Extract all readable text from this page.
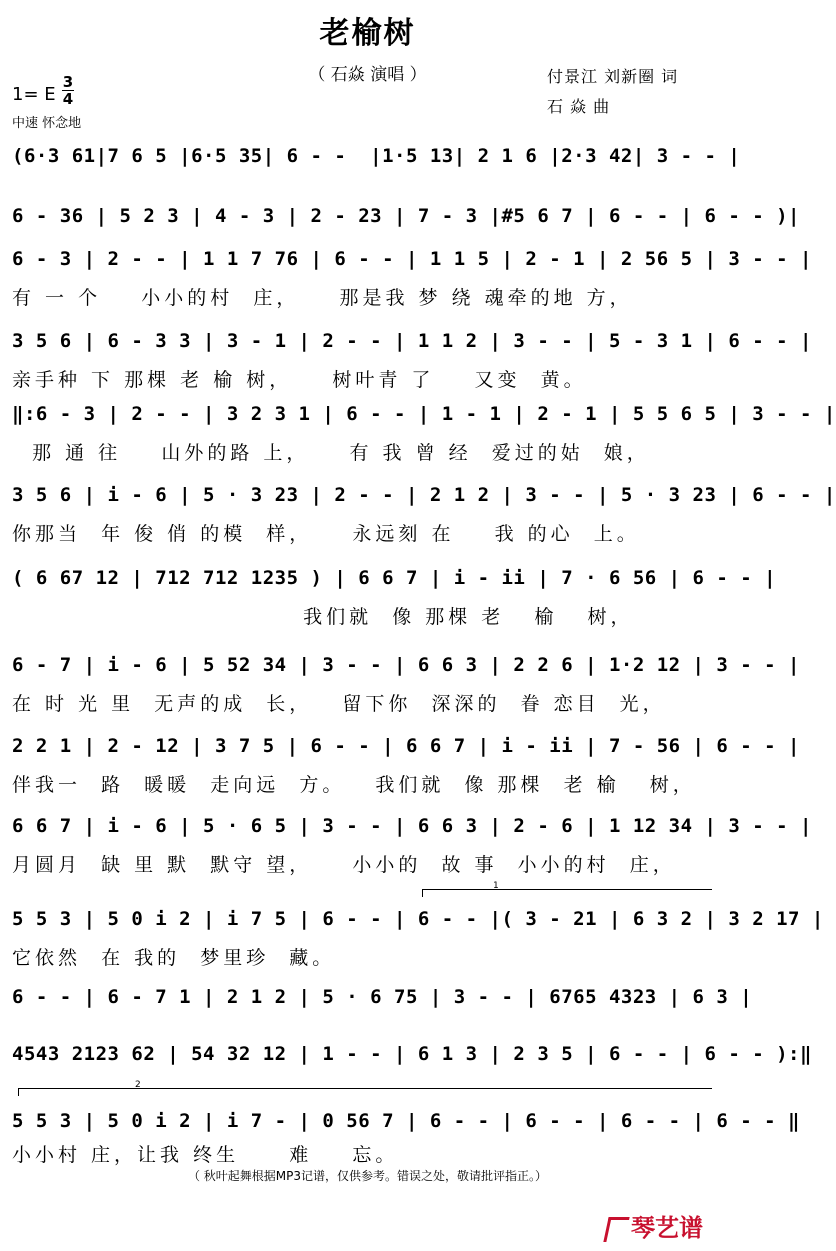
老榆树
（ 石焱 演唱 ）	付景江 刘新圈 词
石 焱 曲
1= E
3
4
中速 怀念地
(6·3 61|7 6 5 |6·5 35| 6 - -  |1·5 13| 2 1 6 |2·3 42| 3 - - |
6 - 36 | 5 2 3 | 4 - 3 | 2 - 23 | 7 - 3 |#5 6 7 | 6 - - | 6 - - )|
6 - 3 | 2 - - | 1 1 7 76 | 6 - - | 1 1 5 | 2 - 1 | 2 56 5 | 3 - - |
有 一 个    小小的村  庄，    那是我 梦 绕 魂牵的地 方，
3 5 6 | 6 - 3 3 | 3 - 1 | 2 - - | 1 1 2 | 3 - - | 5 - 3 1 | 6 - - |
亲手种 下 那棵 老 榆 树，    树叶青 了    又变  黄。
‖:6 - 3 | 2 - - | 3 2 3 1 | 6 - - | 1 - 1 | 2 - 1 | 5 5 6 5 | 3 - - |
那 通 往    山外的路 上，    有 我 曾 经  爱过的姑  娘，
3 5 6 | i - 6 | 5 · 3 23 | 2 - - | 2 1 2 | 3 - - | 5 · 3 23 | 6 - - |
你那当  年 俊 俏 的模  样，    永远刻 在    我 的心  上。
( 6 67 12 | 712 712 1235 ) | 6 6 7 | i - ii | 7 · 6 56 | 6 - - |
我们就  像 那棵 老   榆   树，
6 - 7 | i - 6 | 5 52 34 | 3 - - | 6 6 3 | 2 2 6 | 1·2 12 | 3 - - |
在 时 光 里  无声的成  长，   留下你  深深的  眷 恋目  光，
2 2 1 | 2 - 12 | 3 7 5 | 6 - - | 6 6 7 | i - ii | 7 - 56 | 6 - - |
伴我一  路  暖暖  走向远  方。   我们就  像 那棵  老 榆   树，
6 6 7 | i - 6 | 5 · 6 5 | 3 - - | 6 6 3 | 2 - 6 | 1 12 34 | 3 - - |
月圆月  缺 里 默  默守 望，    小小的  故 事  小小的村  庄，
1
5 5 3 | 5 0 i 2 | i 7 5 | 6 - - | 6 - - |( 3 - 21 | 6 3 2 | 3 2 17 |
它依然  在 我的  梦里珍  藏。
6 - - | 6 - 7 1 | 2 1 2 | 5 · 6 75 | 3 - - | 6765 4323 | 6 3 |
4543 2123 62 | 54 32 12 | 1 - - | 6 1 3 | 2 3 5 | 6 - - | 6 - - ):‖
2
5 5 3 | 5 0 i 2 | i 7 - | 0 56 7 | 6 - - | 6 - - | 6 - - | 6 - - ‖
小小村 庄，让我 终生     难    忘。
（ 秋叶起舞根据MP3记谱，仅供参考。错误之处，敬请批评指正。）
琴艺谱
